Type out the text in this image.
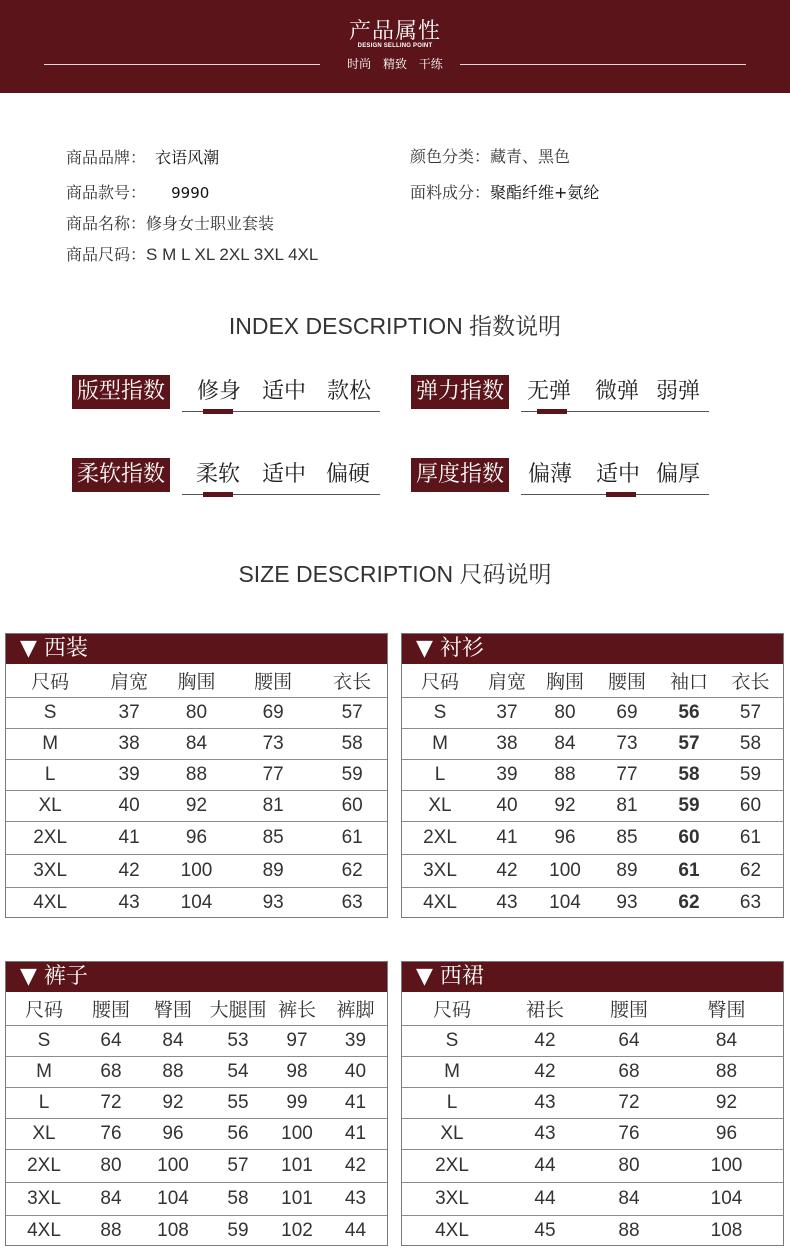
产品属性
DESIGN SELLING POINT
时尚 精致 干练
商品品牌： 衣语风潮
商品款号： 9990
商品名称：修身女士职业套装
商品尺码：S M L XL 2XL 3XL 4XL
颜色分类：藏青、黑色
面料成分：聚酯纤维+氨纶
INDEX DESCRIPTION 指数说明
版型指数 修身 适中 款松 弹力指数 无弹 微弹 弱弹
柔软指数 柔软 适中 偏硬 厚度指数 偏薄 适中 偏厚
SIZE DESCRIPTION 尺码说明
▼ 西装
尺码	肩宽	胸围	腰围	衣长
S	37	80	69	57
M	38	84	73	58
L	39	88	77	59
XL	40	92	81	60
2XL	41	96	85	61
3XL	42	100	89	62
4XL	43	104	93	63
▼ 衬衫
尺码	肩宽	胸围	腰围	袖口	衣长
S	37	80	69	56	57
M	38	84	73	57	58
L	39	88	77	58	59
XL	40	92	81	59	60
2XL	41	96	85	60	61
3XL	42	100	89	61	62
4XL	43	104	93	62	63
▼ 裤子
尺码	腰围	臀围	大腿围	裤长	裤脚
S	64	84	53	97	39
M	68	88	54	98	40
L	72	92	55	99	41
XL	76	96	56	100	41
2XL	80	100	57	101	42
3XL	84	104	58	101	43
4XL	88	108	59	102	44
▼ 西裙
尺码	裙长	腰围	臀围
S	42	64	84
M	42	68	88
L	43	72	92
XL	43	76	96
2XL	44	80	100
3XL	44	84	104
4XL	45	88	108
